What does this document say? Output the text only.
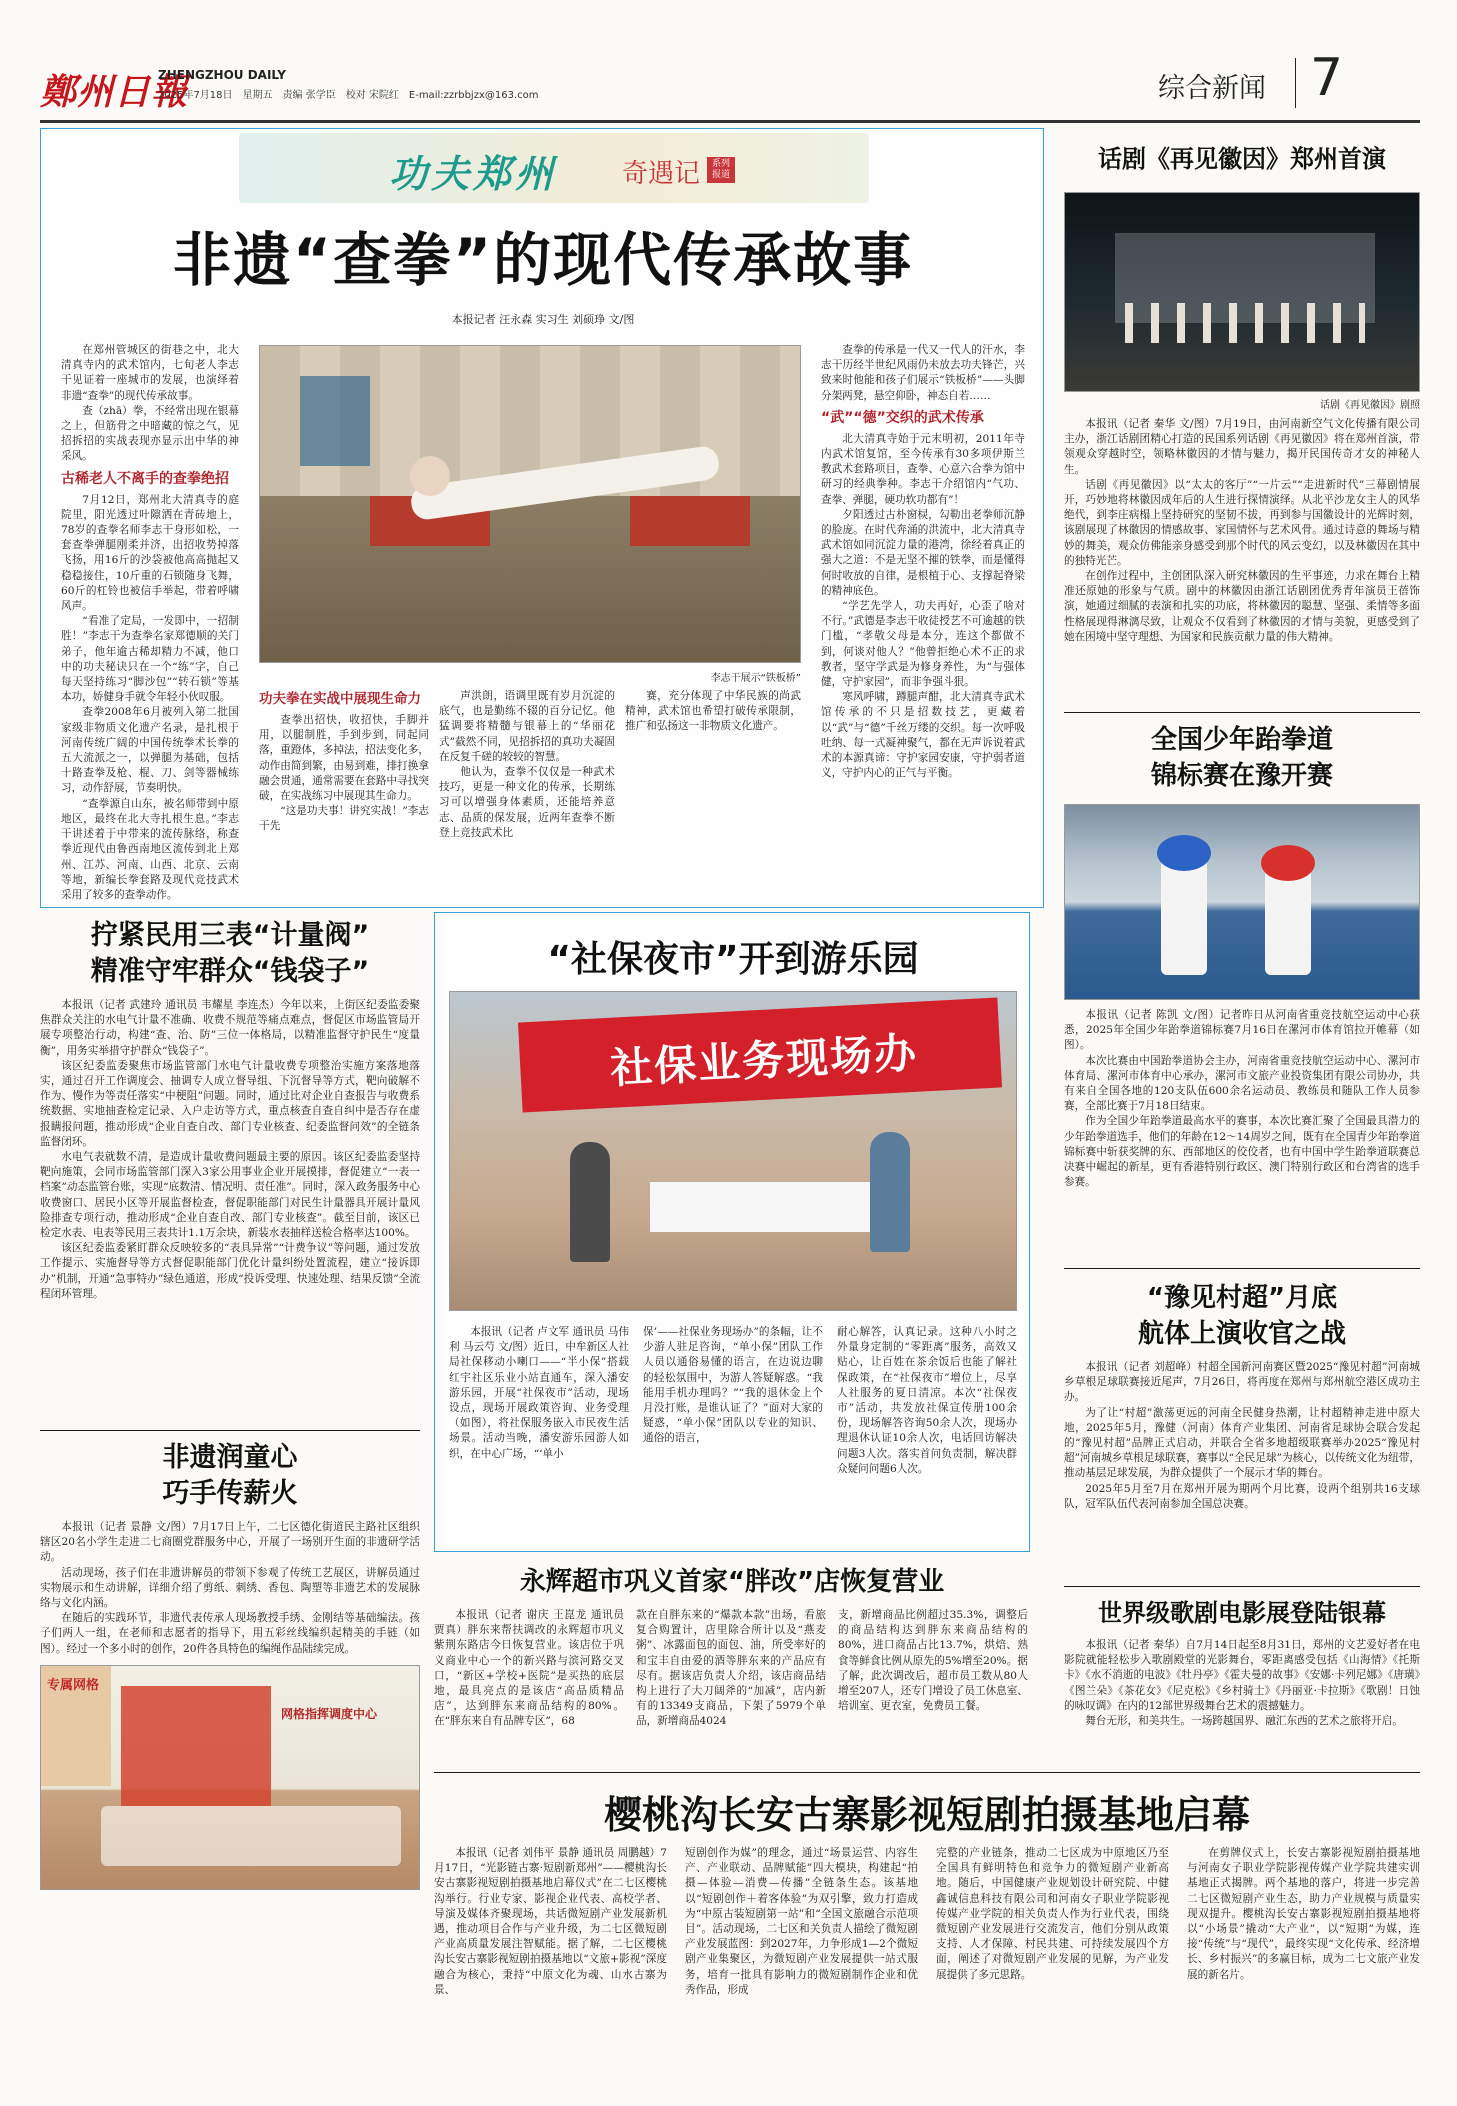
鄭州日報
ZHENGZHOU DAILY
2025年7月18日　星期五　责编 张学臣　校对 宋院红　E-mail:zzrbbjzx@163.com	综合新闻 7
功夫郑州 奇遇记	系列报道
非遗“查拳”的现代传承故事
本报记者 汪永森 实习生 刘硕琤 文/图

在郑州管城区的街巷之中，北大清真寺内的武术馆内，七旬老人李志干见证着一座城市的发展，也演绎着非遗“查拳”的现代传承故事。

查（zhā）拳，不经常出现在银幕之上，但筋骨之中暗藏的惊之气，见招拆招的实战表现亦显示出中华的神采风。

古稀老人不离手的查拳绝招

7月12日，郑州北大清真寺的庭院里，阳光透过叶隙洒在青砖地上，78岁的查拳名师李志干身形如松，一套查拳弹腿刚柔并济，出招收势掉落飞扬，用16斤的沙袋被他高高抛起又稳稳接住，10斤重的石锁随身飞舞，60斤的杠铃也被信手举起，带着呼啸风声。

“看准了定局，一发即中，一招制胜！”李志干为查拳名家郑德顺的关门弟子，他年逾古稀却精力不减，他口中的功夫秘诀只在一个“练”字，自己每天坚持练习“脚沙包”“转石锁”等基本功，娇健身手就令年轻小伙叹服。

查拳2008年6月被列入第二批国家级非物质文化遗产名录，是扎根于河南传统广阔的中国传统拳术长拳的五大流派之一，以弹腿为基础，包括十路查拳及枪、棍、刀、剑等器械练习，动作舒展，节奏明快。

“查拳源自山东，被名师带到中原地区，最终在北大寺扎根生息。”李志干讲述着于中带来的流传脉络，称查拳近现代由鲁西南地区流传到北上郑州、江苏、河南、山西、北京、云南等地，新编长拳套路及现代竞技武术采用了较多的查拳动作。

李志干展示“铁板桥”
功夫拳在实战中展现生命力

查拳出招快，收招快，手脚并用，以腿制胜，手到步到，同起同落，重蹬体，多掉法，招法变化多，动作由简到繁，由易到难，排打换拿融会贯通，通常需要在套路中寻找突破，在实战练习中展现其生命力。

“这是功夫事！讲究实战！”李志干先

声洪朗，语调里既有岁月沉淀的底气，也是勤练不辍的百分记忆。他猛调要将精髓与银幕上的“华丽花式”截然不同，见招拆招的真功夫凝固在反复千磋的较较的智慧。

他认为，查拳不仅仅是一种武术技巧，更是一种文化的传承，长期练习可以增强身体素质，还能培养意志、品质的保发展，近两年查拳不断登上竞技武术比

赛，充分体现了中华民族的尚武精神，武术馆也希望打破传承限制，推广和弘扬这一非物质文化遗产。

查拳的传承是一代又一代人的汗水，李志干历经半世纪风雨仍未放去功夫锋芒，兴致来时他能和孩子们展示“铁板桥”——头脚分架两凳，悬空仰卧，神态自若……

“武”“德”交织的武术传承

北大清真寺始于元末明初，2011年寺内武术馆复馆，至今传承有30多项伊斯兰教武术套路项目，查拳、心意六合拳为馆中研习的经典拳种。李志干介绍馆内“气功、查拳、弹腿，硬功软功都有”！

夕阳透过古朴窗棂，勾勒出老拳师沉静的脸庞。在时代奔涌的洪流中，北大清真寺武术馆如同沉淀力量的港湾，徐经着真正的强大之道：不是无坚不摧的铁拳，而是懂得何时收放的自律，是根植于心、支撑起脊梁的精神底色。

“学艺先学人，功夫再好，心歪了啥对不行。”武德是李志干收徒授艺不可逾越的铁门槛，“孝敬父母是本分，连这个都做不到，何谈对他人？”他曾拒绝心术不正的求教者，坚守学武是为修身养性，为“与强体健，守护家园”，而非争强斗狠。

寒风呼啸，蹲腿声酣，北大清真寺武术馆传承的不只是招数技艺，更藏着以“武”与“德”千丝万缕的交织。每一次呼吸吐纳、每一式凝神聚气，都在无声诉说着武术的本源真谛：守护家园安康，守护弱者道义，守护内心的正气与平衡。

拧紧民用三表“计量阀”
精准守牢群众“钱袋子”

本报讯（记者 武建玲 通讯员 韦耀星 李连杰）今年以来，上街区纪委监委聚焦群众关注的水电气计量不准确、收费不规范等痛点难点，督促区市场监管局开展专项整治行动，构建“查、治、防”三位一体格局，以精准监督守护民生“度量衡”，用务实举措守护群众“钱袋子”。

该区纪委监委聚焦市场监管部门水电气计量收费专项整治实施方案落地落实，通过召开工作调度会、抽调专人成立督导组、下沉督导等方式，靶向破解不作为、慢作为等责任落实“中梗阻”问题。同时，通过比对企业自查报告与收费系统数据、实地抽查检定记录、入户走访等方式，重点核查自查自纠中是否存在虚报瞒报问题，推动形成“企业自查自改、部门专业核查、纪委监督问效”的全链条监督闭环。

水电气表就数不清，是造成计量收费问题最主要的原因。该区纪委监委坚持靶向施策，会同市场监管部门深入3家公用事业企业开展摸排，督促建立“一表一档案”动态监管台账，实现“底数清、情况明、责任准”。同时，深入政务服务中心收费窗口、居民小区等开展监督检查，督促职能部门对民生计量器具开展计量风险排查专项行动，推动形成“企业自查自改、部门专业核查”。截至目前，该区已检定水表、电表等民用三表共计1.1万余块，新装水表抽样送检合格率达100%。

该区纪委监委紧盯群众反映较多的“表具异常”“计费争议”等问题，通过发放工作提示、实施督导等方式督促职能部门优化计量纠纷处置流程，建立“接诉即办”机制，开通“急事特办”绿色通道，形成“投诉受理、快速处理、结果反馈”全流程闭环管理。

非遗润童心
巧手传薪火

本报讯（记者 景静 文/图）7月17日上午，二七区德化街道民主路社区组织辖区20名小学生走进二七商圈党群服务中心，开展了一场别开生面的非遗研学活动。

活动现场，孩子们在非遗讲解员的带领下参观了传统工艺展区，讲解员通过实物展示和生动讲解，详细介绍了剪纸、刺绣、香包、陶塑等非遗艺术的发展脉络与文化内涵。

在随后的实践环节，非遗代表传承人现场教授手绣、金刚结等基础编法。孩子们两人一组，在老师和志愿者的指导下，用五彩丝线编织起精美的手链（如图）。经过一个多小时的创作，20件各具特色的编绳作品陆续完成。

专属网格
网格指挥调度中心
“社保夜市”开到游乐园
社保业务现场办

本报讯（记者 卢文军 通讯员 马伟利 马云芍 文/图）近日，中牟新区人社局社保移动小喇口——“半小保”搭载红宇社区乐业小站直通车，深入潘安游乐园，开展“社保夜市”活动，现场设点，现场开展政策咨询、业务受理（如图），将社保服务嵌入市民夜生活场景。活动当晚，潘安游乐园游人如织，在中心广场，“‘单小

保’——社保业务现场办”的条幅，让不少游人驻足咨询，“单小保”团队工作人员以通俗易懂的语言，在边说边聊的轻松氛围中，为游人答疑解惑。“我能用手机办理吗？”“我的退休金上个月没打账，是谁认证了？”面对大家的疑惑，“单小保”团队以专业的知识、通俗的语言，

耐心解答，认真记录。这种八小时之外量身定制的“零距离”服务，高效又贴心，让百姓在茶余饭后也能了解社保政策，在“社保夜市”增位上，尽享人社服务的夏日清凉。本次“社保夜市”活动，共发放社保宣传册100余份，现场解答咨询50余人次，现场办理退休认证10余人次，电话回访解决问题3人次。落实首问负责制，解决群众疑问问题6人次。

永辉超市巩义首家“胖改”店恢复营业

本报讯（记者 谢庆 王崑龙 通讯员 贾真）胖东来帮扶调改的永辉超市巩义紫荆东路店今日恢复营业。该店位于巩义商业中心一个的新兴路与滨河路交叉口，“新区+学校+医院”是买热的底层地，最具亮点的是该店“高品质精品店”，达到胖东来商品结构的80%。在“胖东来自有品牌专区”，68

款在自胖东来的“爆款本款”出场，看旅复合购置计，店里除合所计以及“燕麦粥”、冰露面包的面包、油，所受率好的和宝丰自由爱的酒等胖东来的产品应有尽有。据该店负责人介绍，该店商品结构上进行了大刀阔斧的“加减”，店内新有的13349支商品，下架了5979个单品，新增商品4024

支，新增商品比例超过35.3%，调整后的商品结构达到胖东来商品结构的80%，进口商品占比13.7%，烘焙、熟食等鲜食比例从原先的5%增至20%。据了解，此次调改后，超市员工数从80人增至207人，还专门增设了员工休息室、培训室、更衣室，免费员工餐。

樱桃沟长安古寨影视短剧拍摄基地启幕

本报讯（记者 刘伟平 景静 通讯员 周鹏越）7月17日，“光影链古寨·短剧新郑州”——樱桃沟长安古寨影视短剧拍摄基地启幕仪式”在二七区樱桃沟举行。行业专家、影视企业代表、高校学者、导演及媒体齐聚现场，共话微短剧产业发展新机遇，推动项目合作与产业升级，为二七区微短剧产业高质量发展注智赋能。据了解，二七区樱桃沟长安古寨影视短剧拍摄基地以“文旅+影视”深度融合为核心，秉持“中原文化为魂、山水古寨为景、

短剧创作为媒”的理念，通过“场景运营、内容生产、产业联动、品牌赋能”四大模块，构建起“拍摄—体验—消费—传播”全链条生态。该基地以“短剧创作＋着客体验”为双引擎，致力打造成为“中原古装短剧第一站”和“全国文旅融合示范项目”。活动现场，二七区和关负责人描绘了微短剧产业发展蓝图：到2027年，力争形成1—2个微短剧产业集聚区，为微短剧产业发展提供一站式服务，培育一批具有影响力的微短剧制作企业和优秀作品，形成

完整的产业链条，推动二七区成为中原地区乃至全国具有鲜明特色和竞争力的微短剧产业新高地。随后，中国健康产业规划设计研究院、中健鑫诚信息科技有限公司和河南女子职业学院影视传媒产业学院的相关负责人作为行业代表，围绕微短剧产业发展进行交流发言，他们分别从政策支持、人才保障、村民共建、可持续发展四个方面，阐述了对微短剧产业发展的见解，为产业发展提供了多元思路。

在剪牌仪式上，长安古寨影视短剧拍摄基地与河南女子职业学院影视传媒产业学院共建实训基地正式揭牌。两个基地的落户，将进一步完善二七区微短剧产业生态，助力产业规模与质量实现双提升。樱桃沟长安古寨影视短剧拍摄基地将以“小场景”撬动“大产业”，以“短期”为媒，连接“传统”与“现代”，最终实现“文化传承、经济增长、乡村振兴”的多赢目标，成为二七文旅产业发展的新名片。

话剧《再见徽因》郑州首演
话剧《再见徽因》剧照

本报讯（记者 秦华 文/图）7月19日，由河南新空气文化传播有限公司主办，浙江话剧团精心打造的民国系列话剧《再见徽因》将在郑州首演，带领观众穿越时空，领略林徽因的才情与魅力，揭开民国传奇才女的神秘人生。

话剧《再见徽因》以“太太的客厅”“一片云”“走进新时代”三幕剧情展开，巧妙地将林徽因成年后的人生进行探情演绎。从北平沙龙女主人的风华绝代，到李庄病榻上坚持研究的坚韧不拔，再到参与国徽设计的光辉时刻，该剧展现了林徽因的情感故事、家国情怀与艺术风骨。通过诗意的舞场与精妙的舞美，观众仿佛能亲身感受到那个时代的风云变幻，以及林徽因在其中的独特光芒。

在创作过程中，主创团队深入研究林徽因的生平事迹，力求在舞台上精准还原她的形象与气质。剧中的林徽因由浙江话剧团优秀青年演员王蓓饰演，她通过细腻的表演和扎实的功底，将林徽因的聪慧、坚强、柔情等多面性格展现得淋漓尽致，让观众不仅看到了林徽因的才情与美貌，更感受到了她在困境中坚守理想、为国家和民族贡献力量的伟大精神。

全国少年跆拳道
锦标赛在豫开赛

本报讯（记者 陈凯 文/图）记者昨日从河南省重竞技航空运动中心获悉，2025年全国少年跆拳道锦标赛7月16日在漯河市体育馆拉开帷幕（如图）。

本次比赛由中国跆拳道协会主办，河南省重竞技航空运动中心、漯河市体育局、漯河市体育中心承办，漯河市文旅产业投资集团有限公司协办，共有来自全国各地的120支队伍600余名运动员、教练员和随队工作人员参赛，全部比赛于7月18日结束。

作为全国少年跆拳道最高水平的赛事，本次比赛汇聚了全国最具潜力的少年跆拳道选手，他们的年龄在12～14周岁之间，既有在全国青少年跆拳道锦标赛中斩获奖牌的东、西部地区的佼佼者，也有中国中学生跆拳道联赛总决赛中崛起的新星，更有香港特别行政区、澳门特别行政区和台湾省的选手参赛。

“豫见村超”月底
航体上演收官之战

本报讯（记者 刘超峰）村超全国新河南赛区暨2025“豫见村超”河南城乡草根足球联赛接近尾声，7月26日，将再度在郑州与郑州航空港区成功主办。

为了让“村超”激荡更远的河南全民健身热潮，让村超精神走进中原大地，2025年5月，豫健（河南）体育产业集团、河南省足球协会联合发起的“豫见村超”品牌正式启动，并联合全省多地超级联赛举办2025“豫见村超”河南城乡草根足球联赛，赛事以“全民足球”为核心，以传统文化为纽带，推动基层足球发展，为群众提供了一个展示才华的舞台。

2025年5月至7月在郑州开展为期两个月比赛，设两个组别共16支球队，冠军队伍代表河南参加全国总决赛。

世界级歌剧电影展登陆银幕

本报讯（记者 秦华）自7月14日起至8月31日，郑州的文艺爱好者在电影院就能轻松步入歌剧殿堂的光影舞台，零距离感受包括《山海情》《托斯卡》《水不消逝的电波》《牡丹亭》《霍夫曼的故事》《安娜·卡列尼娜》《唐璜》《图兰朵》《茶花女》《尼克松》《乡村骑士》《丹丽亚·卡拉斯》《歌剧！日蚀的咏叹调》在内的12部世界级舞台艺术的震撼魅力。

舞台无形，和美共生。一场跨越国界、融汇东西的艺术之旅将开启。
